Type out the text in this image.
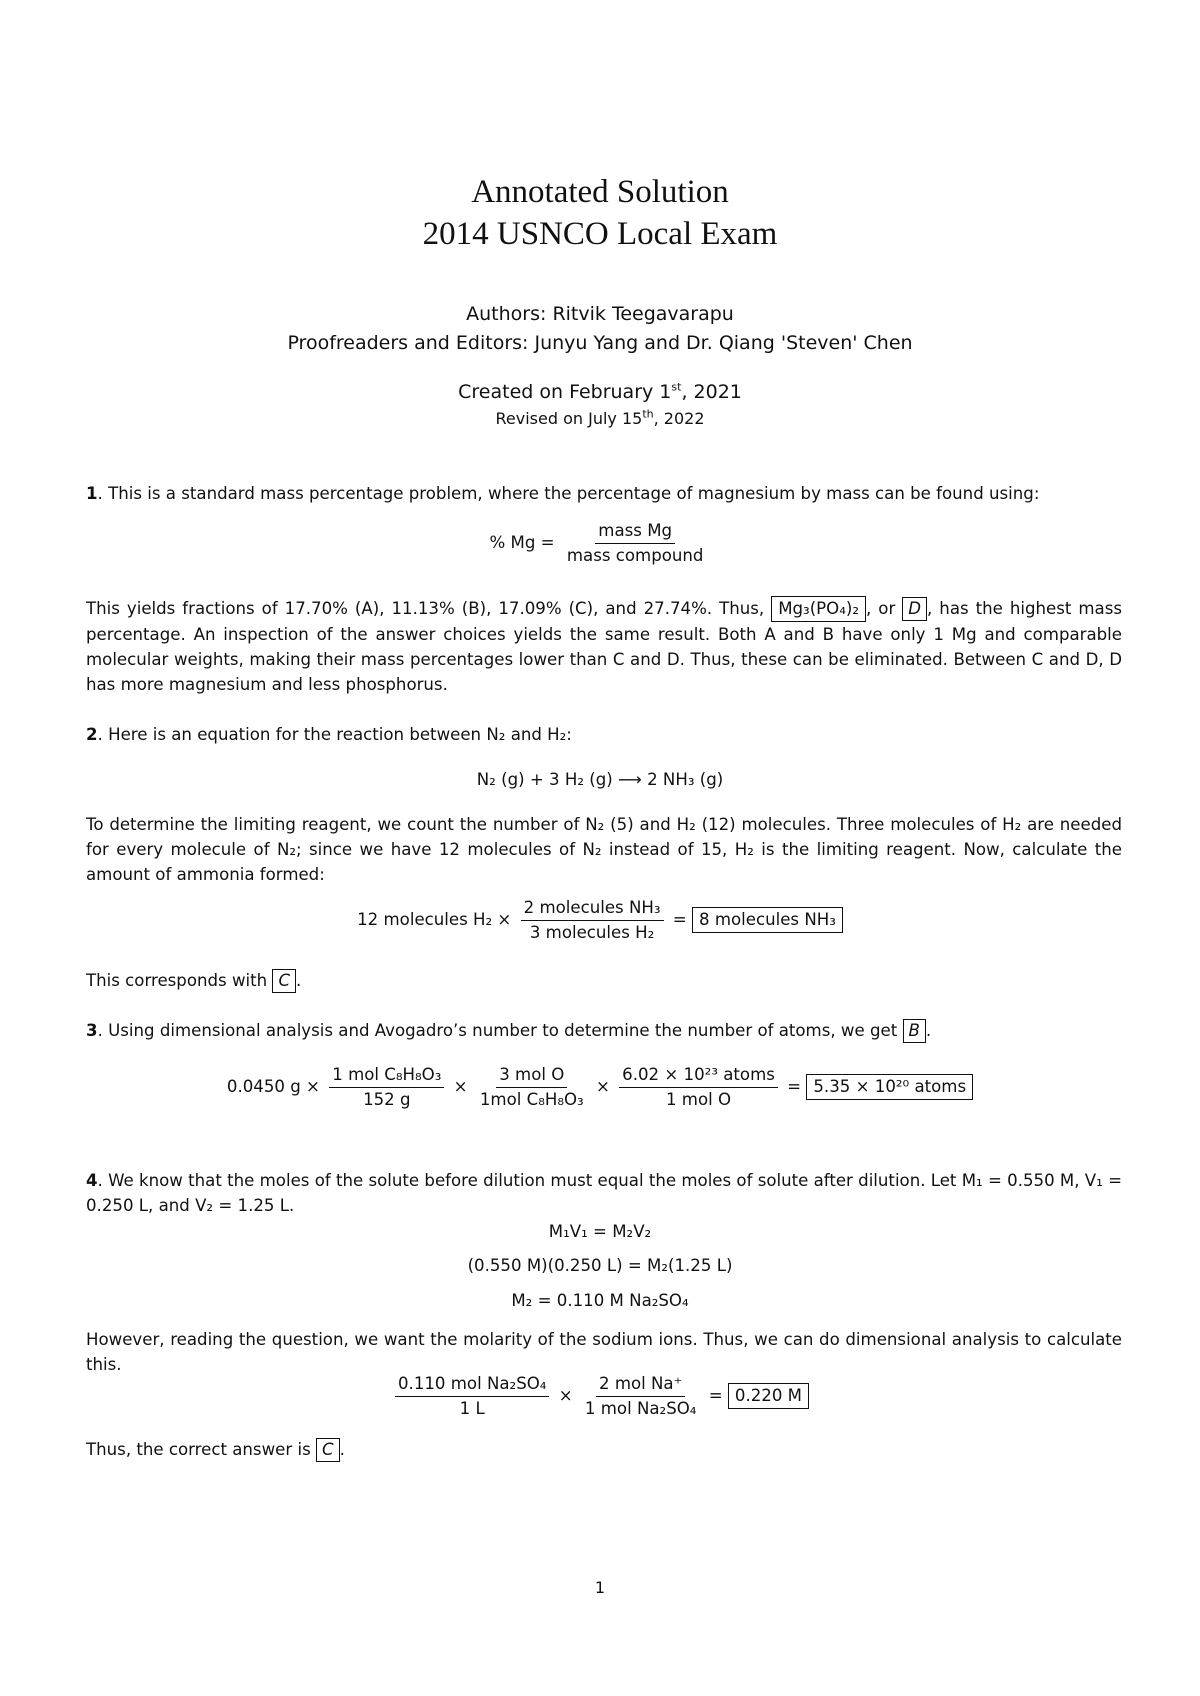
Annotated Solution
2014 USNCO Local Exam
Authors: Ritvik Teegavarapu
Proofreaders and Editors: Junyu Yang and Dr. Qiang 'Steven' Chen
Created on February 1st, 2021
Revised on July 15th, 2022
1. This is a standard mass percentage problem, where the percentage of magnesium by mass can be found using:
% $Mg = \frac{\text{mass Mg}}{\text{mass compound}}$
This yields fractions of 17.70% (A), 11.13% (B), 17.09% (C), and 27.74%. Thus, Mg₃(PO₄)₂ , or D , has the highest mass percentage. An inspection of the answer choices yields the same result. Both A and B have only 1 Mg and comparable molecular weights, making their mass percentages lower than C and D. Thus, these can be eliminated. Between C and D, D has more magnesium and less phosphorus.
2. Here is an equation for the reaction between N₂ and H₂:
N₂ (g) + 3 H₂ (g) ⟶ 2 NH₃ (g)
To determine the limiting reagent, we count the number of N₂ (5) and H₂ (12) molecules. Three molecules of H₂ are needed for every molecule of N₂; since we have 12 molecules of N₂ instead of 15, H₂ is the limiting reagent. Now, calculate the amount of ammonia formed:
12 molecules $H_2 \times \frac{\text{2 molecules NH₃}}{\text{3 molecules H₂}} = 8$ molecules NH₃
This corresponds with C .
3. Using dimensional analysis and Avogadro’s number to determine the number of atoms, we get B .
0.0450 $g \times \frac{\text{1 mol C₈H₈O₃}}{152 g} \times \frac{\text{3 mol O}}{\text{1mol C₈H₈O₃}} \times \frac{\text{6.02 × 10²³ atoms}}{\text{1 mol O}} = 5.35 \times 10^{20}$ atoms
4. We know that the moles of the solute before dilution must equal the moles of solute after dilution. Let M₁ = 0.550 M, V₁ = 0.250 L, and V₂ = 1.25 L.
M₁V₁ = M₂V₂
(0.550 M)(0.250 L) = M₂(1.25 L)
M₂ = 0.110 M Na₂SO₄
However, reading the question, we want the molarity of the sodium ions. Thus, we can do dimensional analysis to calculate this.
$\frac{\text{0.110 mol Na₂SO₄}}{1 L} \times \frac{\text{2 mol Na⁺}}{\text{1 mol Na₂SO₄}} = 0.220$ M
Thus, the correct answer is C .
1
